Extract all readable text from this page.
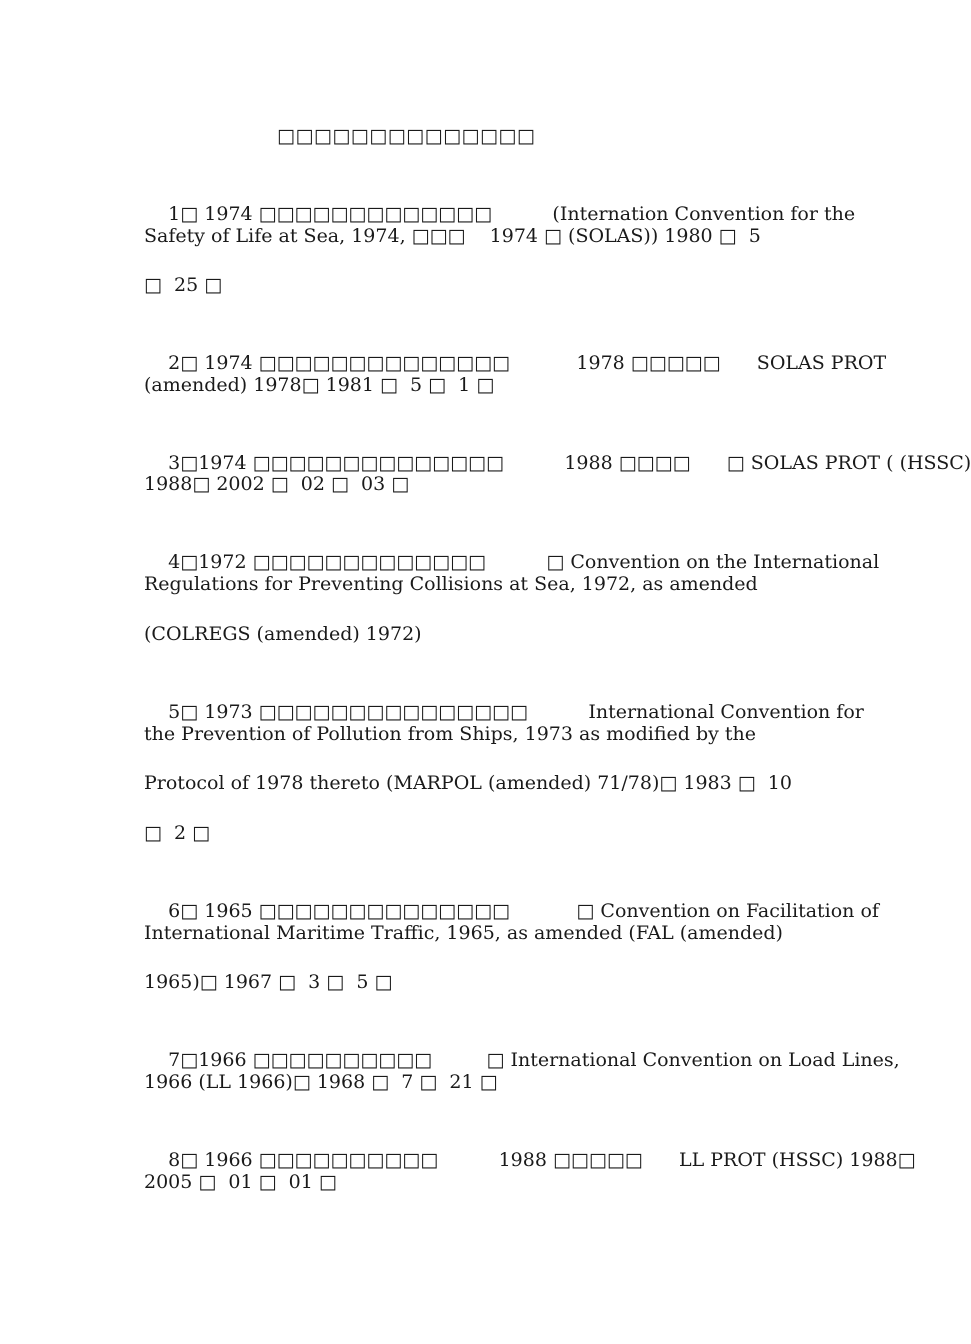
□□□□□□□□□□□□□□

1□ 1974 □□□□□□□□□□□□□          (Internation Convention for the

Safety of Life at Sea, 1974, □□□    1974 □ (SOLAS)) 1980 □  5
□  25 □

2□ 1974 □□□□□□□□□□□□□□           1978 □□□□□      SOLAS PROT

(amended) 1978□ 1981 □  5 □  1 □

3□1974 □□□□□□□□□□□□□□          1988 □□□□      □ SOLAS PROT ( (HSSC)

1988□ 2002 □  02 □  03 □

4□1972 □□□□□□□□□□□□□          □ Convention on the International

Regulations for Preventing Collisions at Sea, 1972, as amended
(COLREGS (amended) 1972)

5□ 1973 □□□□□□□□□□□□□□□          International Convention for

the Prevention of Pollution from Ships, 1973 as modified by the
Protocol of 1978 thereto (MARPOL (amended) 71/78)□ 1983 □  10
□  2 □

6□ 1965 □□□□□□□□□□□□□□           □ Convention on Facilitation of

International Maritime Traffic, 1965, as amended (FAL (amended)
1965)□ 1967 □  3 □  5 □

7□1966 □□□□□□□□□□         □ International Convention on Load Lines,

1966 (LL 1966)□ 1968 □  7 □  21 □

8□ 1966 □□□□□□□□□□          1988 □□□□□      LL PROT (HSSC) 1988□

2005 □  01 □  01 □
